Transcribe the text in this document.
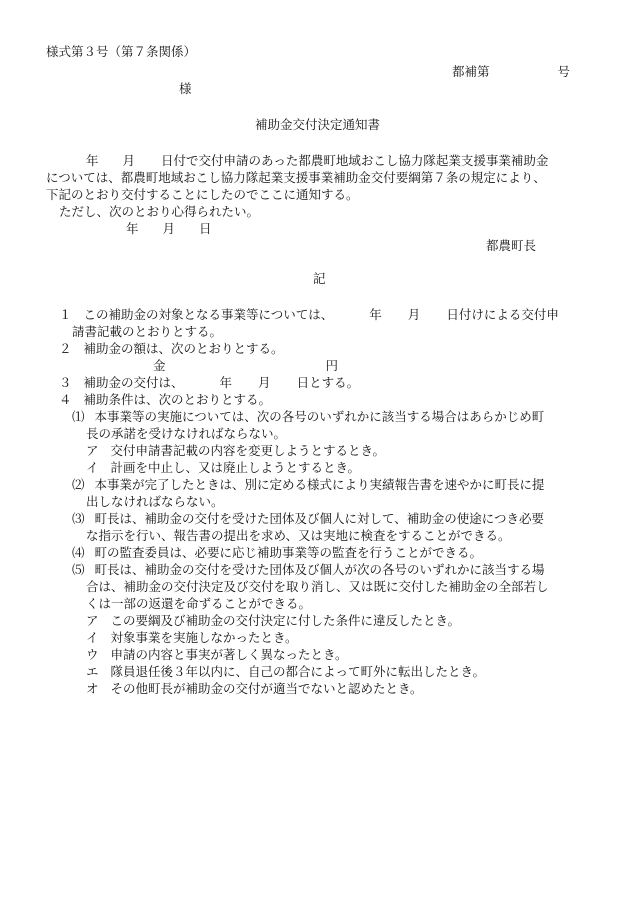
様式第３号（第７条関係）
都補第	号
様
補助金交付決定通知書
年 月 日付で交付申請のあった都農町地域おこし協力隊起業支援事業補助金
については、都農町地域おこし協力隊起業支援事業補助金交付要綱第７条の規定により、
下記のとおり交付することにしたのでここに通知する。
ただし、次のとおり心得られたい。
年 月 日
都農町長
記
１ この補助金の対象となる事業等については、	年 月 日付けによる交付申
請書記載のとおりとする。
２ 補助金の額は、次のとおりとする。
金	円
３ 補助金の交付は、	年 月 日とする。
４ 補助条件は、次のとおりとする。
⑴ 本事業等の実施については、次の各号のいずれかに該当する場合はあらかじめ町
長の承諾を受けなければならない。
ア 交付申請書記載の内容を変更しようとするとき。
イ 計画を中止し、又は廃止しようとするとき。
⑵ 本事業が完了したときは、別に定める様式により実績報告書を速やかに町長に提
出しなければならない。
⑶ 町長は、補助金の交付を受けた団体及び個人に対して、補助金の使途につき必要
な指示を行い、報告書の提出を求め、又は実地に検査をすることができる。
⑷ 町の監査委員は、必要に応じ補助事業等の監査を行うことができる。
⑸ 町長は、補助金の交付を受けた団体及び個人が次の各号のいずれかに該当する場
合は、補助金の交付決定及び交付を取り消し、又は既に交付した補助金の全部若し
くは一部の返還を命ずることができる。
ア この要綱及び補助金の交付決定に付した条件に違反したとき。
イ 対象事業を実施しなかったとき。
ウ 申請の内容と事実が著しく異なったとき。
エ 隊員退任後３年以内に、自己の都合によって町外に転出したとき。
オ その他町長が補助金の交付が適当でないと認めたとき。
